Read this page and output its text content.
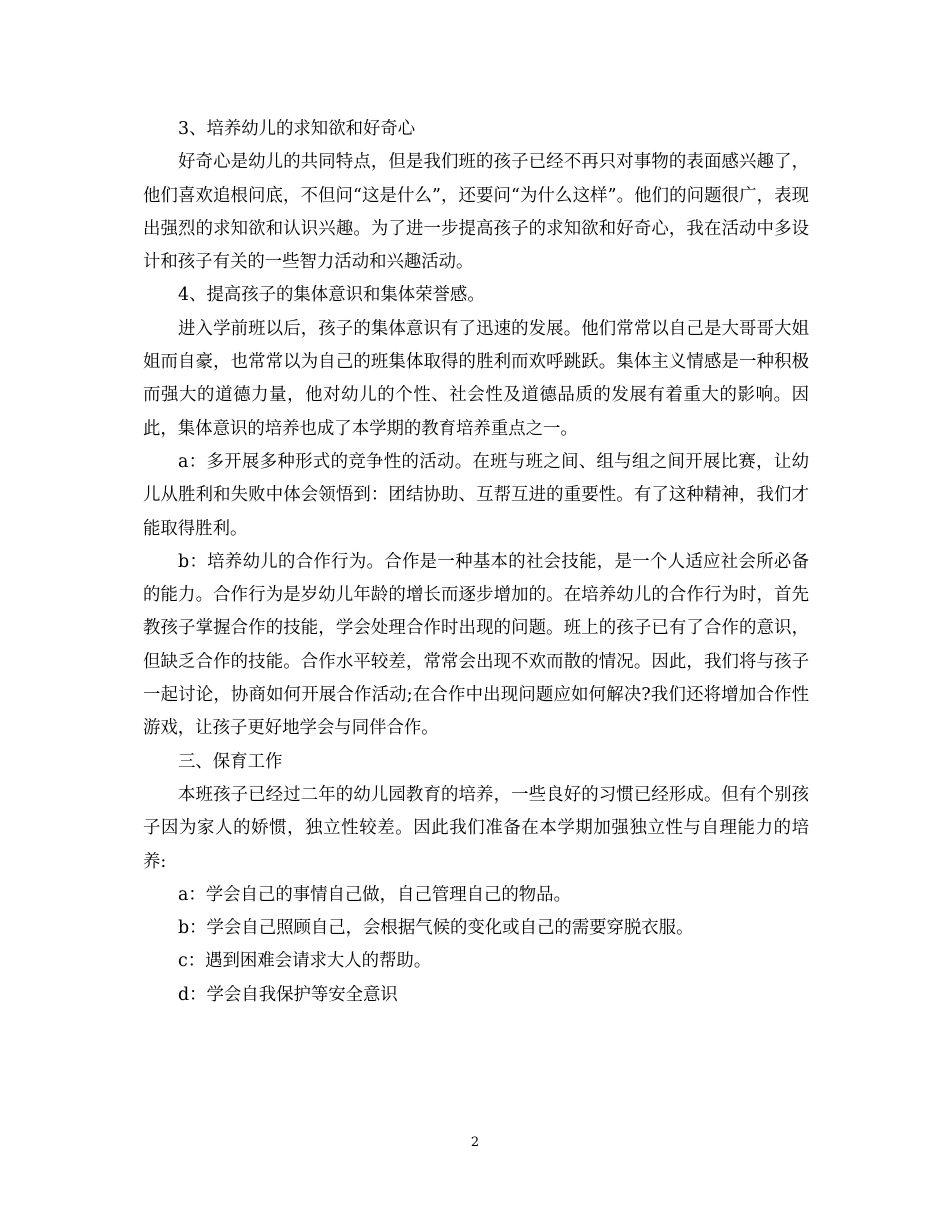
3、培养幼儿的求知欲和好奇心

好奇心是幼儿的共同特点，但是我们班的孩子已经不再只对事物的表面感兴趣了，他们喜欢追根问底，不但问“这是什么”，还要问“为什么这样”。他们的问题很广，表现出强烈的求知欲和认识兴趣。为了进一步提高孩子的求知欲和好奇心，我在活动中多设计和孩子有关的一些智力活动和兴趣活动。

4、提高孩子的集体意识和集体荣誉感。

进入学前班以后，孩子的集体意识有了迅速的发展。他们常常以自己是大哥哥大姐姐而自豪，也常常以为自己的班集体取得的胜利而欢呼跳跃。集体主义情感是一种积极而强大的道德力量，他对幼儿的个性、社会性及道德品质的发展有着重大的影响。因此，集体意识的培养也成了本学期的教育培养重点之一。

a：多开展多种形式的竞争性的活动。在班与班之间、组与组之间开展比赛，让幼儿从胜利和失败中体会领悟到：团结协助、互帮互进的重要性。有了这种精神，我们才能取得胜利。

b：培养幼儿的合作行为。合作是一种基本的社会技能，是一个人适应社会所必备的能力。合作行为是岁幼儿年龄的增长而逐步增加的。在培养幼儿的合作行为时，首先教孩子掌握合作的技能，学会处理合作时出现的问题。班上的孩子已有了合作的意识，但缺乏合作的技能。合作水平较差，常常会出现不欢而散的情况。因此，我们将与孩子一起讨论，协商如何开展合作活动;在合作中出现问题应如何解决?我们还将增加合作性游戏，让孩子更好地学会与同伴合作。

三、保育工作

本班孩子已经过二年的幼儿园教育的培养，一些良好的习惯已经形成。但有个别孩子因为家人的娇惯，独立性较差。因此我们准备在本学期加强独立性与自理能力的培养:

a：学会自己的事情自己做，自己管理自己的物品。

b：学会自己照顾自己，会根据气候的变化或自己的需要穿脱衣服。

c：遇到困难会请求大人的帮助。

d：学会自我保护等安全意识

2
